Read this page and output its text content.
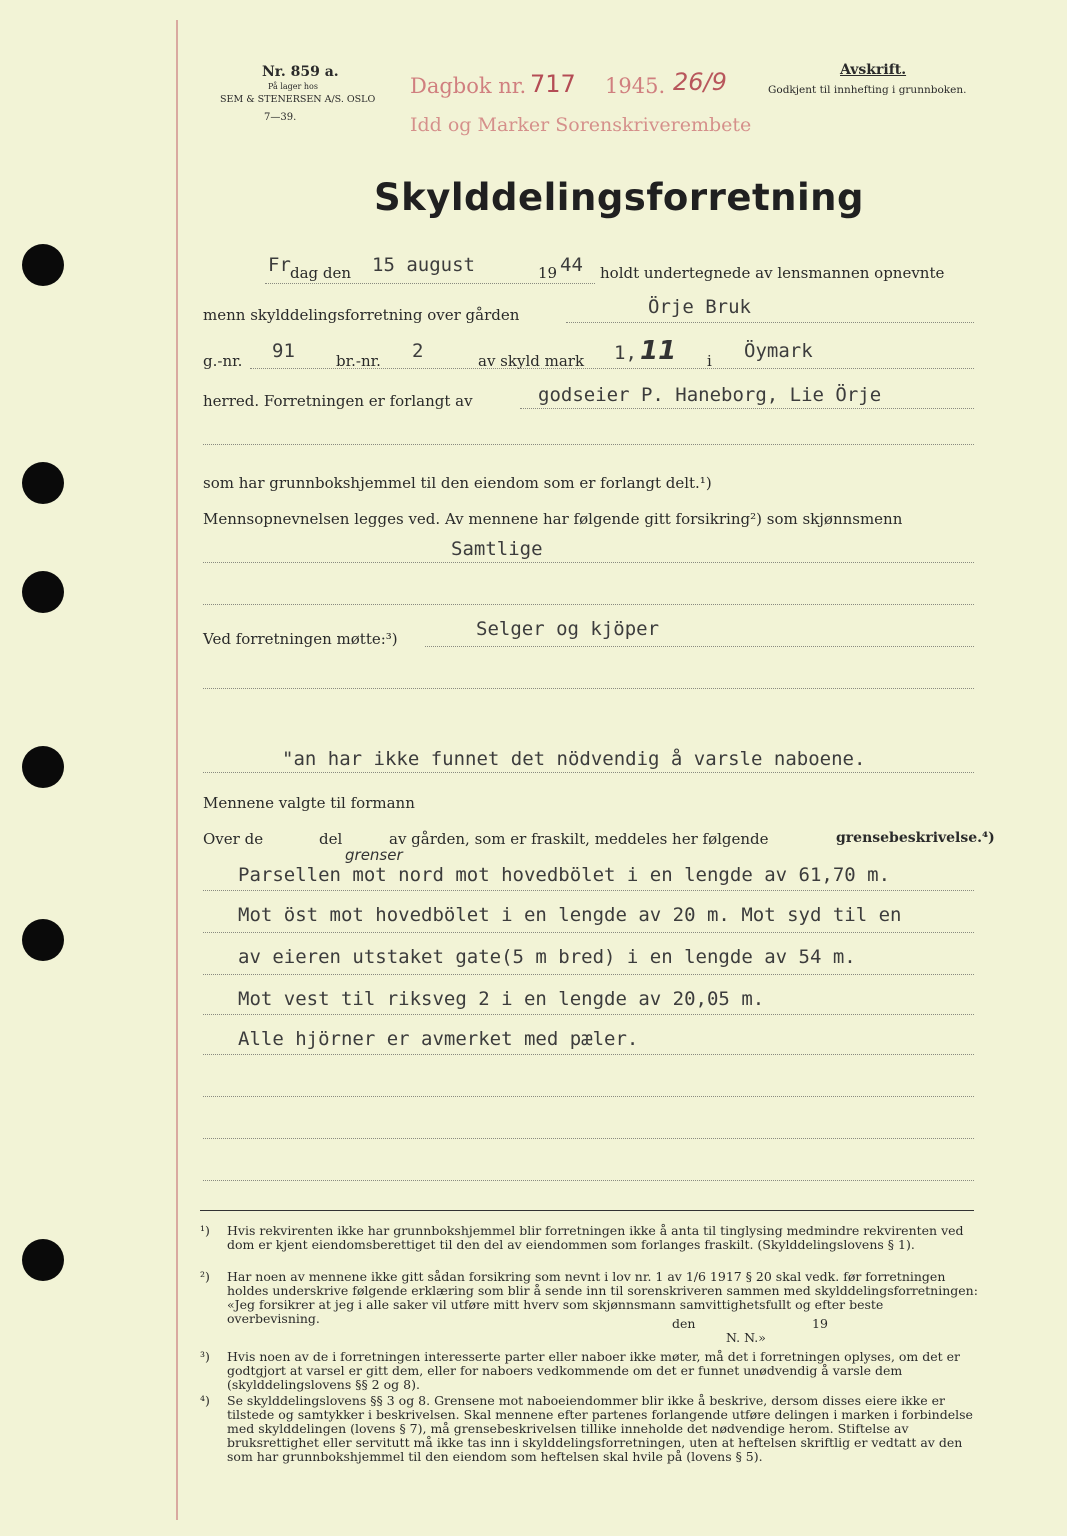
Nr. 859 a.
På lager hos
SEM & STENERSEN A/S. OSLO
7—39.
Dagbok nr. 717 1945. 26/9
Idd og Marker Sorenskriverembete
Avskrift.
Godkjent til innhefting i grunnboken.
Skylddelingsforretning
Fr dag den 15 august	19 44 holdt undertegnede av lensmannen opnevnte
menn skylddelingsforretning over gården	Örje Bruk
g.-nr. 91	br.-nr. 2	av skyld mark 1, 11 i Öymark
herred. Forretningen er forlangt av	godseier P. Haneborg, Lie Örje
som har grunnbokshjemmel til den eiendom som er forlangt delt.¹)
Mennsopnevnelsen legges ved. Av mennene har følgende gitt forsikring²) som skjønnsmenn
Samtlige
Ved forretningen møtte:³)	Selger og kjöper
"an har ikke funnet det nödvendig å varsle naboene.
Mennene valgte til formann
Over de	del	av gården, som er fraskilt, meddeles her følgende	grensebeskrivelse.⁴)
grenser
Parsellen mot nord mot hovedbölet i en lengde av 61,70 m.
Mot öst mot hovedbölet i en lengde av 20 m. Mot syd til en
av eieren utstaket gate(5 m bred) i en lengde av 54 m.
Mot vest til riksveg 2 i en lengde av 20,05 m.
Alle hjörner er avmerket med pæler.
¹) Hvis rekvirenten ikke har grunnbokshjemmel blir forretningen ikke å anta til tinglysing medmindre rekvirenten ved dom er kjent eiendomsberettiget til den del av eiendommen som forlanges fraskilt. (Skylddelingslovens § 1).
²) Har noen av mennene ikke gitt sådan forsikring som nevnt i lov nr. 1 av 1/6 1917 § 20 skal vedk. før forretningen holdes underskrive følgende erklæring som blir å sende inn til sorenskriveren sammen med skylddelingsforretningen: «Jeg forsikrer at jeg i alle saker vil utføre mitt hverv som skjønnsmann samvittighetsfullt og efter beste overbevisning.	den	19
N. N.»
³) Hvis noen av de i forretningen interesserte parter eller naboer ikke møter, må det i forretningen oplyses, om det er godtgjort at varsel er gitt dem, eller for naboers vedkommende om det er funnet unødvendig å varsle dem (skylddelingslovens §§ 2 og 8).
⁴) Se skylddelingslovens §§ 3 og 8. Grensene mot naboeiendommer blir ikke å beskrive, dersom disses eiere ikke er tilstede og samtykker i beskrivelsen. Skal mennene efter partenes forlangende utføre delingen i marken i forbindelse med skylddelingen (lovens § 7), må grensebeskrivelsen tillike inneholde det nødvendige herom. Stiftelse av bruksrettighet eller servitutt må ikke tas inn i skylddelingsforretningen, uten at heftelsen skriftlig er vedtatt av den som har grunnbokshjemmel til den eiendom som heftelsen skal hvile på (lovens § 5).
